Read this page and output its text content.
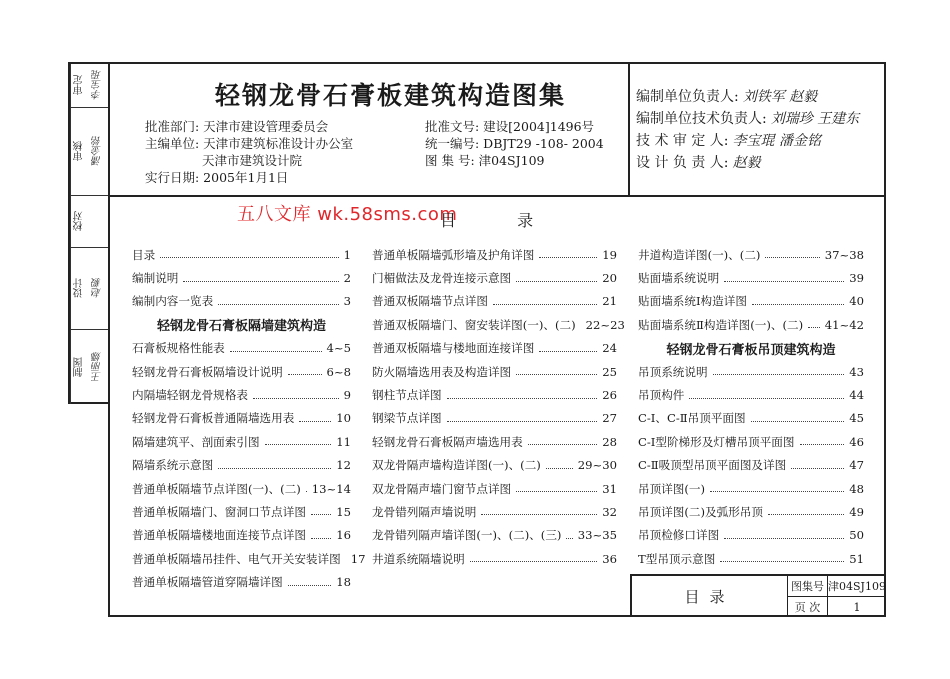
审定 李宝琨
审核 潘金铭
校对
设计 赵毅
制图 王丽娜
轻钢龙骨石膏板建筑构造图集
批准部门: 天津市建设管理委员会
主编单位: 天津市建筑标准设计办公室
天津市建筑设计院
实行日期: 2005年1月1日
批准文号: 建设[2004]1496号
统一编号: DBJT29 -108- 2004
图 集 号: 津04SJ109
编制单位负责人: 刘铁军 赵毅
编制单位技术负责人: 刘瑞珍 王建东
技 术 审 定 人: 李宝琨 潘金铭
设 计 负 责 人: 赵毅
五八文库 wk.58sms.com
目 录
目录	1
编制说明	2
编制内容一览表	3
轻钢龙骨石膏板隔墙建筑构造
石膏板规格性能表	4~5
轻钢龙骨石膏板隔墙设计说明	6~8
内隔墙轻钢龙骨规格表	9
轻钢龙骨石膏板普通隔墙选用表	10
隔墙建筑平、剖面索引图	11
隔墙系统示意图	12
普通单板隔墙节点详图(一)、(二) 13~14
普通单板隔墙门、窗洞口节点详图	15
普通单板隔墙楼地面连接节点详图	16
普通单板隔墙吊挂件、电气开关安装详图 17
普通单板隔墙管道穿隔墙详图	18
普通单板隔墙弧形墙及护角详图	19
门楣做法及龙骨连接示意图	20
普通双板隔墙节点详图	21
普通双板隔墙门、窗安装详图(一)、(二) 22~23
普通双板隔墙与楼地面连接详图	24
防火隔墙选用表及构造详图	25
钢柱节点详图	26
钢梁节点详图	27
轻钢龙骨石膏板隔声墙选用表	28
双龙骨隔声墙构造详图(一)、(二)	29~30
双龙骨隔声墙门窗节点详图	31
龙骨错列隔声墙说明	32
龙骨错列隔声墙详图(一)、(二)、(三) 33~35
井道系统隔墙说明	36
井道构造详图(一)、(二)	37~38
贴面墙系统说明	39
贴面墙系统Ⅰ构造详图	40
贴面墙系统Ⅱ构造详图(一)、(二) 41~42
轻钢龙骨石膏板吊顶建筑构造
吊顶系统说明	43
吊顶构件	44
C-Ⅰ、C-Ⅱ吊顶平面图	45
C-Ⅰ型阶梯形及灯槽吊顶平面图	46
C-Ⅱ吸顶型吊顶平面图及详图	47
吊顶详图(一)	48
吊顶详图(二)及弧形吊顶	49
吊顶检修口详图	50
T型吊顶示意图	51
目录
图集号 津04SJ109
页 次	1
